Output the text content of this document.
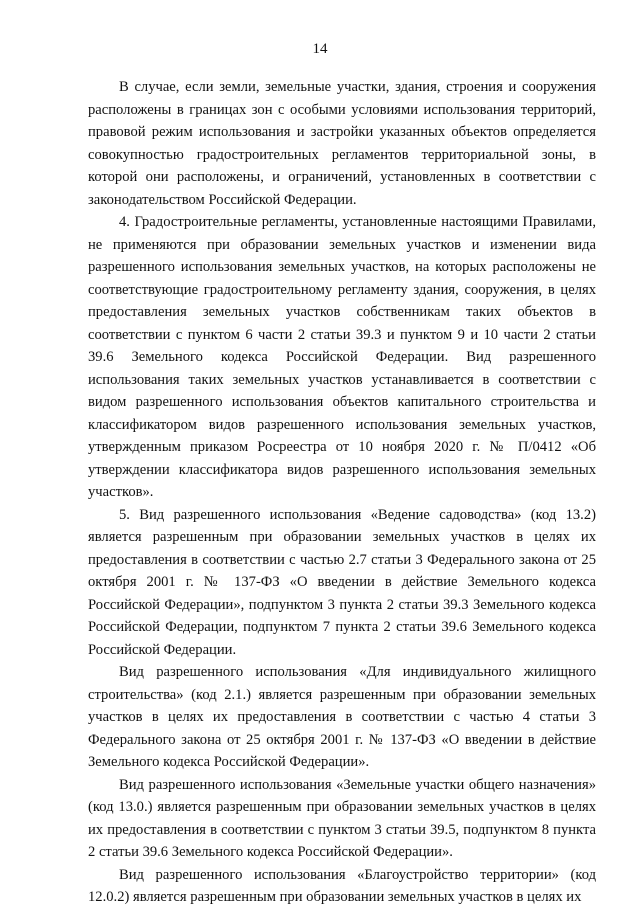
14

В случае, если земли, земельные участки, здания, строения и сооружения расположены в границах зон с особыми условиями использования территорий, правовой режим использования и застройки указанных объектов определяется совокупностью градостроительных регламентов территориальной зоны, в которой они расположены, и ограничений, установленных в соответствии с законодательством Российской Федерации.

4. Градостроительные регламенты, установленные настоящими Правилами, не применяются при образовании земельных участков и изменении вида разрешенного использования земельных участков, на которых расположены не соответствующие градостроительному регламенту здания, сооружения, в целях предоставления земельных участков собственникам таких объектов в соответствии с пунктом 6 части 2 статьи 39.3 и пунктом 9 и 10 части 2 статьи 39.6 Земельного кодекса Российской Федерации. Вид разрешенного использования таких земельных участков устанавливается в соответствии с видом разрешенного использования объектов капитального строительства и классификатором видов разрешенного использования земельных участков, утвержденным приказом Росреестра от 10 ноября 2020 г. № П/0412 «Об утверждении классификатора видов разрешенного использования земельных участков».

5. Вид разрешенного использования «Ведение садоводства» (код 13.2) является разрешенным при образовании земельных участков в целях их предоставления в соответствии с частью 2.7 статьи 3 Федерального закона от 25 октября 2001 г. № 137-ФЗ «О введении в действие Земельного кодекса Российской Федерации», подпунктом 3 пункта 2 статьи 39.3 Земельного кодекса Российской Федерации, подпунктом 7 пункта 2 статьи 39.6 Земельного кодекса Российской Федерации.

Вид разрешенного использования «Для индивидуального жилищного строительства» (код 2.1.) является разрешенным при образовании земельных участков в целях их предоставления в соответствии с частью 4 статьи 3 Федерального закона от 25 октября 2001 г. № 137-ФЗ «О введении в действие Земельного кодекса Российской Федерации».

Вид разрешенного использования «Земельные участки общего назначения» (код 13.0.) является разрешенным при образовании земельных участков в целях их предоставления в соответствии с пунктом 3 статьи 39.5, подпунктом 8 пункта 2 статьи 39.6 Земельного кодекса Российской Федерации».

Вид разрешенного использования «Благоустройство территории» (код 12.0.2) является разрешенным при образовании земельных участков в целях их
